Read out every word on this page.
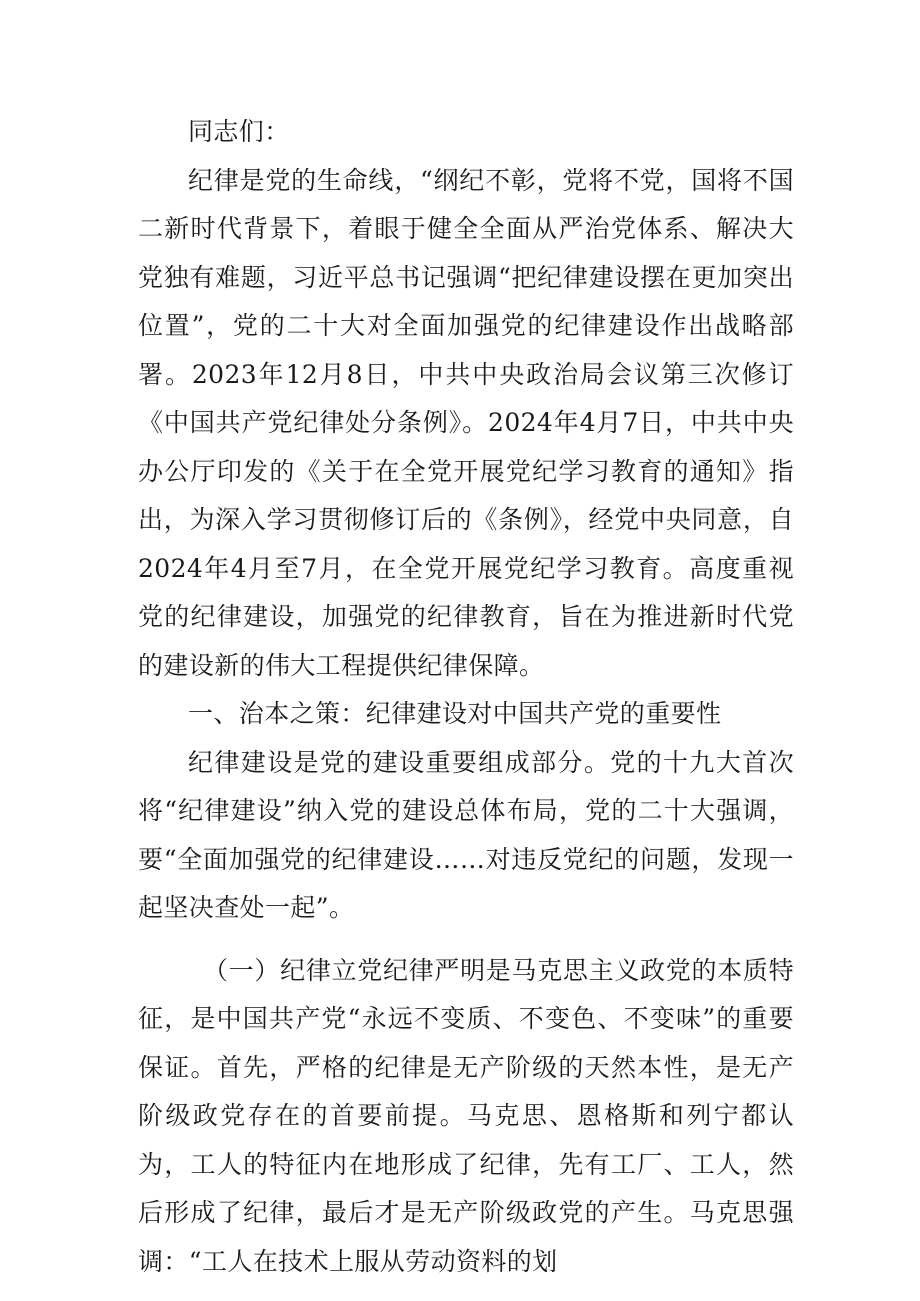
同志们：

纪律是党的生命线，“纲纪不彰，党将不党，国将不国二新时代背景下，着眼于健全全面从严治党体系、解决大党独有难题，习近平总书记强调“把纪律建设摆在更加突出位置”，党的二十大对全面加强党的纪律建设作出战略部署。2023年12月8日，中共中央政治局会议第三次修订《中国共产党纪律处分条例》。2024年4月7日，中共中央办公厅印发的《关于在全党开展党纪学习教育的通知》指出，为深入学习贯彻修订后的《条例》，经党中央同意，自2024年4月至7月，在全党开展党纪学习教育。高度重视党的纪律建设，加强党的纪律教育，旨在为推进新时代党的建设新的伟大工程提供纪律保障。

一、治本之策：纪律建设对中国共产党的重要性

纪律建设是党的建设重要组成部分。党的十九大首次将“纪律建设”纳入党的建设总体布局，党的二十大强调，要“全面加强党的纪律建设……对违反党纪的问题，发现一起坚决查处一起”。

（一）纪律立党纪律严明是马克思主义政党的本质特征，是中国共产党“永远不变质、不变色、不变味”的重要保证。首先，严格的纪律是无产阶级的天然本性，是无产阶级政党存在的首要前提。马克思、恩格斯和列宁都认为，工人的特征内在地形成了纪律，先有工厂、工人，然后形成了纪律，最后才是无产阶级政党的产生。马克思强调：“工人在技术上服从劳动资料的划
